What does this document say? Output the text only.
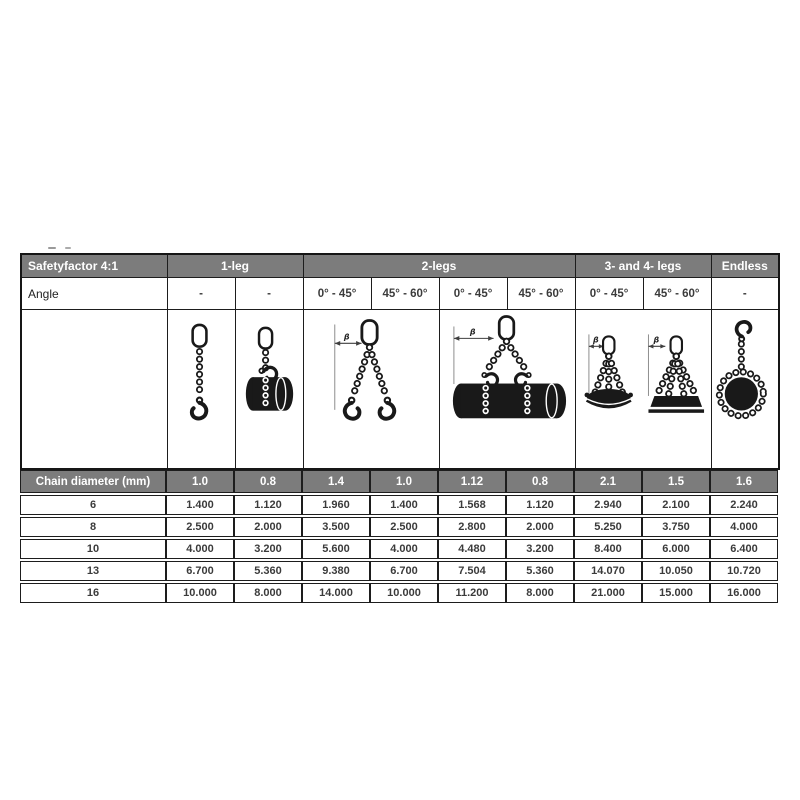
Safetyfactor 4:1	1-leg		2-legs				3- and 4- legs		Endless
Angle	-	-	0° - 45°	45° - 60°	0° - 45°	45° - 60°	0° - 45°	45° - 60°	-

β		β		β β

Chain diameter (mm)	1.0	0.8	1.4	1.0	1.12	0.8	2.1	1.5	1.6
6	1.400	1.120	1.960	1.400	1.568	1.120	2.940	2.100	2.240
8	2.500	2.000	3.500	2.500	2.800	2.000	5.250	3.750	4.000
10	4.000	3.200	5.600	4.000	4.480	3.200	8.400	6.000	6.400
13	6.700	5.360	9.380	6.700	7.504	5.360	14.070	10.050	10.720
16	10.000	8.000	14.000	10.000	11.200	8.000	21.000	15.000	16.000
